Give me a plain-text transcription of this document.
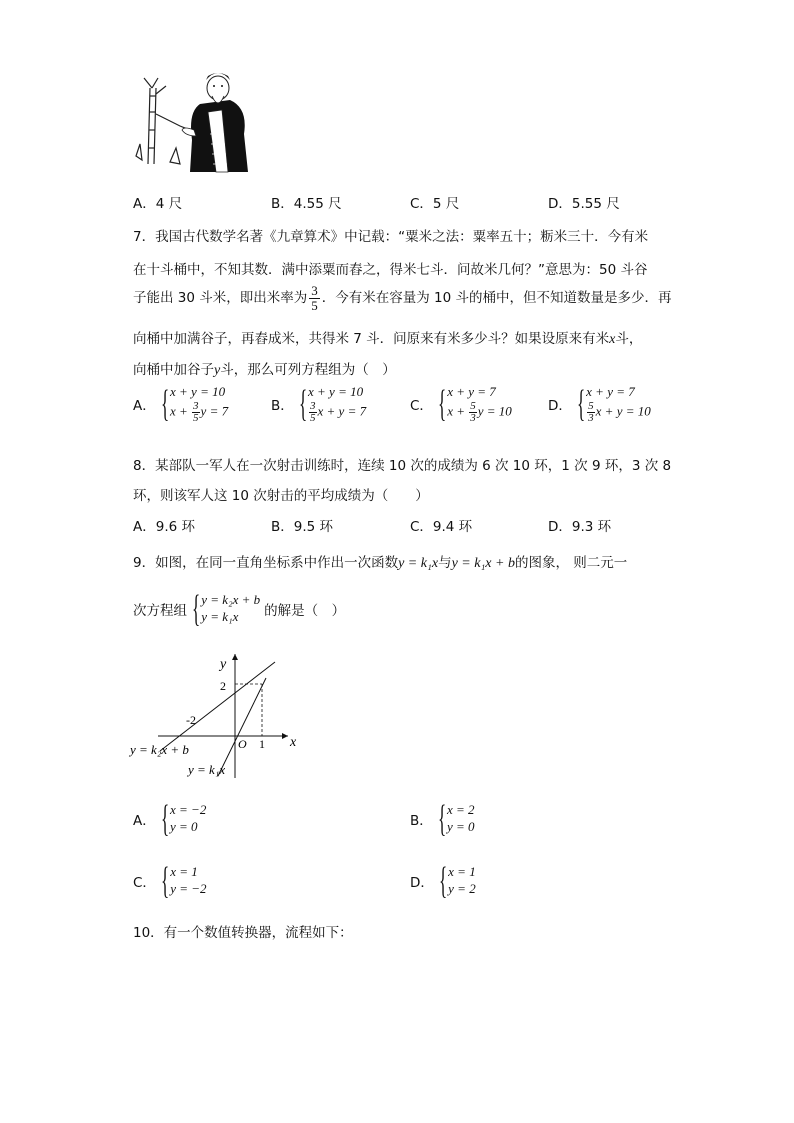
A．4 尺	B．4.55 尺	C．5 尺	D．5.55 尺
7．我国古代数学名著《九章算术》中记载：“粟米之法：粟率五十；粝米三十．今有米
在十斗桶中，不知其数．满中添粟而舂之，得米七斗．问故米几何？”意思为：50 斗谷
子能出 30 斗米，即出米率为 $\frac{3}{5}$ ．今有米在容量为 10 斗的桶中，但不知道数量是多少．再
向桶中加满谷子，再舂成米，共得米 7 斗．问原来有米多少斗？如果设原来有米x斗，
向桶中加谷子y斗，那么可列方程组为（　）
A． { x + y = 10
$x + \frac{3}{5}$ y = 7	B． { x + y = 10
$\frac{3}{5}$ x + y = 7	C． { x + y = 7
$x + \frac{5}{3}$ y = 10	D． { x + y = 7
$\frac{5}{3}$ x + y = 10
8．某部队一军人在一次射击训练时，连续 10 次的成绩为 6 次 10 环，1 次 9 环，3 次 8
环，则该军人这 10 次射击的平均成绩为（　　）
A．9.6 环	B．9.5 环	C．9.4 环	D．9.3 环
9．如图，在同一直角坐标系中作出一次函数y = k₁x与y = k₁x + b的图象， 则二元一
次方程组 { y = k₂x + b
y = k₁x	的解是（　）
y
x
O
2
-2
1
y = k₂x + b
y = k₁x
A． { x = −2
y = 0	B． { x = 2
y = 0
C． { x = 1
y = −2	D． { x = 1
y = 2
10．有一个数值转换器，流程如下：
